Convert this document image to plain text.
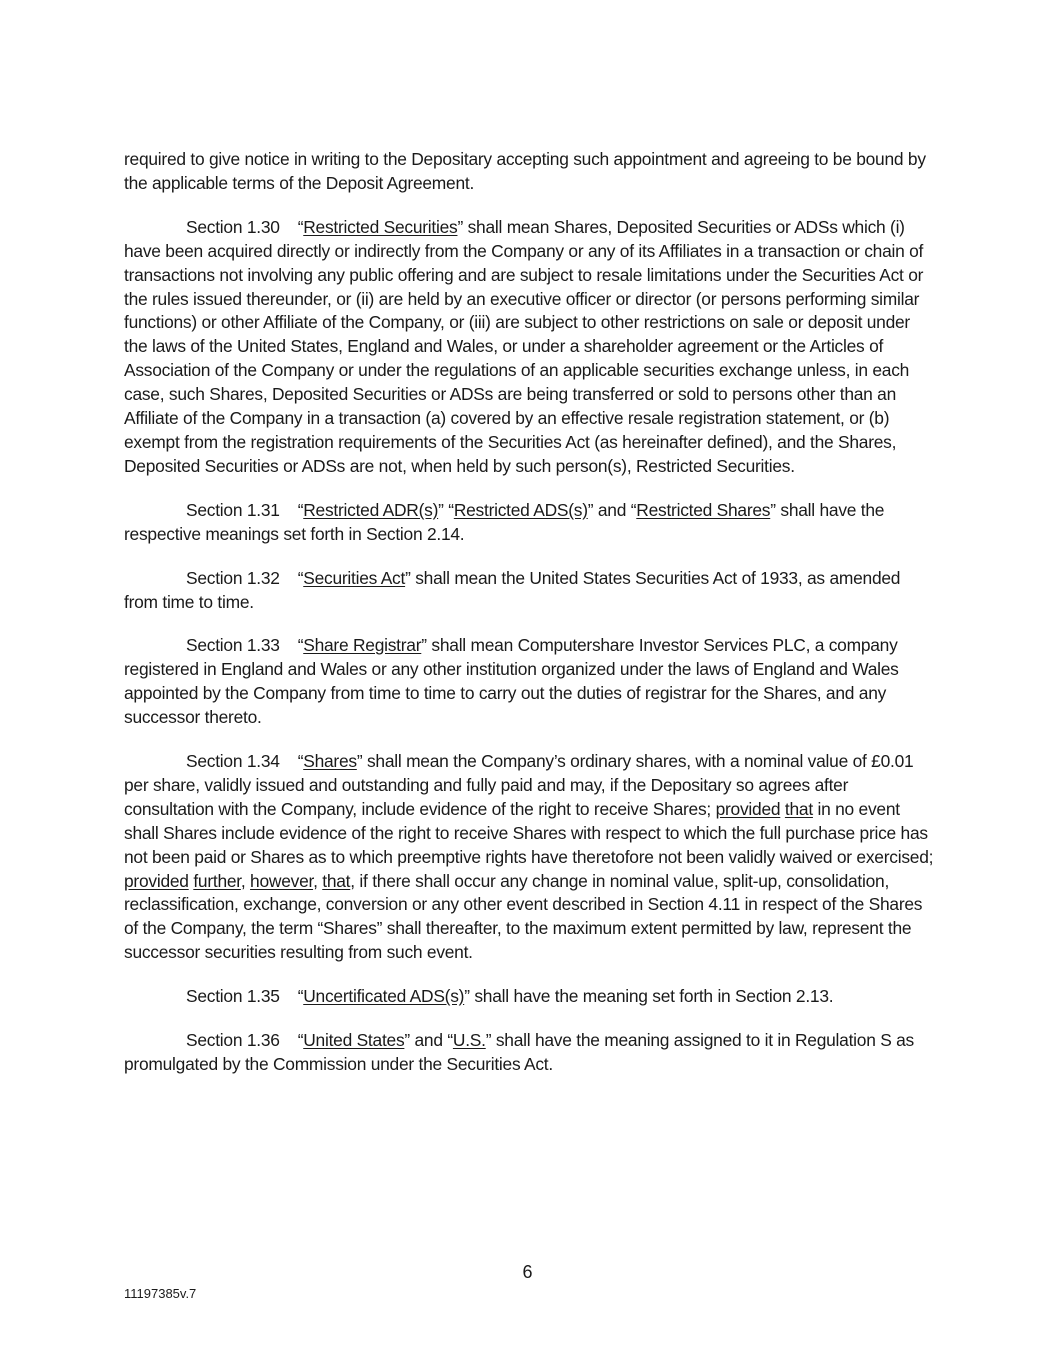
required to give notice in writing to the Depositary accepting such appointment and agreeing to be bound by the applicable terms of the Deposit Agreement.

Section 1.30 “Restricted Securities” shall mean Shares, Deposited Securities or ADSs which (i) have been acquired directly or indirectly from the Company or any of its Affiliates in a transaction or chain of transactions not involving any public offering and are subject to resale limitations under the Securities Act or the rules issued thereunder, or (ii) are held by an executive officer or director (or persons performing similar functions) or other Affiliate of the Company, or (iii) are subject to other restrictions on sale or deposit under the laws of the United States, England and Wales, or under a shareholder agreement or the Articles of Association of the Company or under the regulations of an applicable securities exchange unless, in each case, such Shares, Deposited Securities or ADSs are being transferred or sold to persons other than an Affiliate of the Company in a transaction (a) covered by an effective resale registration statement, or (b) exempt from the registration requirements of the Securities Act (as hereinafter defined), and the Shares, Deposited Securities or ADSs are not, when held by such person(s), Restricted Securities.

Section 1.31 “Restricted ADR(s)” “Restricted ADS(s)” and “Restricted Shares” shall have the respective meanings set forth in Section 2.14.

Section 1.32 “Securities Act” shall mean the United States Securities Act of 1933, as amended from time to time.

Section 1.33 “Share Registrar” shall mean Computershare Investor Services PLC, a company registered in England and Wales or any other institution organized under the laws of England and Wales appointed by the Company from time to time to carry out the duties of registrar for the Shares, and any successor thereto.

Section 1.34 “Shares” shall mean the Company’s ordinary shares, with a nominal value of £0.01 per share, validly issued and outstanding and fully paid and may, if the Depositary so agrees after consultation with the Company, include evidence of the right to receive Shares; provided that in no event shall Shares include evidence of the right to receive Shares with respect to which the full purchase price has not been paid or Shares as to which preemptive rights have theretofore not been validly waived or exercised; provided further, however, that, if there shall occur any change in nominal value, split-up, consolidation, reclassification, exchange, conversion or any other event described in Section 4.11 in respect of the Shares of the Company, the term “Shares” shall thereafter, to the maximum extent permitted by law, represent the successor securities resulting from such event.

Section 1.35 “Uncertificated ADS(s)” shall have the meaning set forth in Section 2.13.

Section 1.36 “United States” and “U.S.” shall have the meaning assigned to it in Regulation S as promulgated by the Commission under the Securities Act.

6
11197385v.7
